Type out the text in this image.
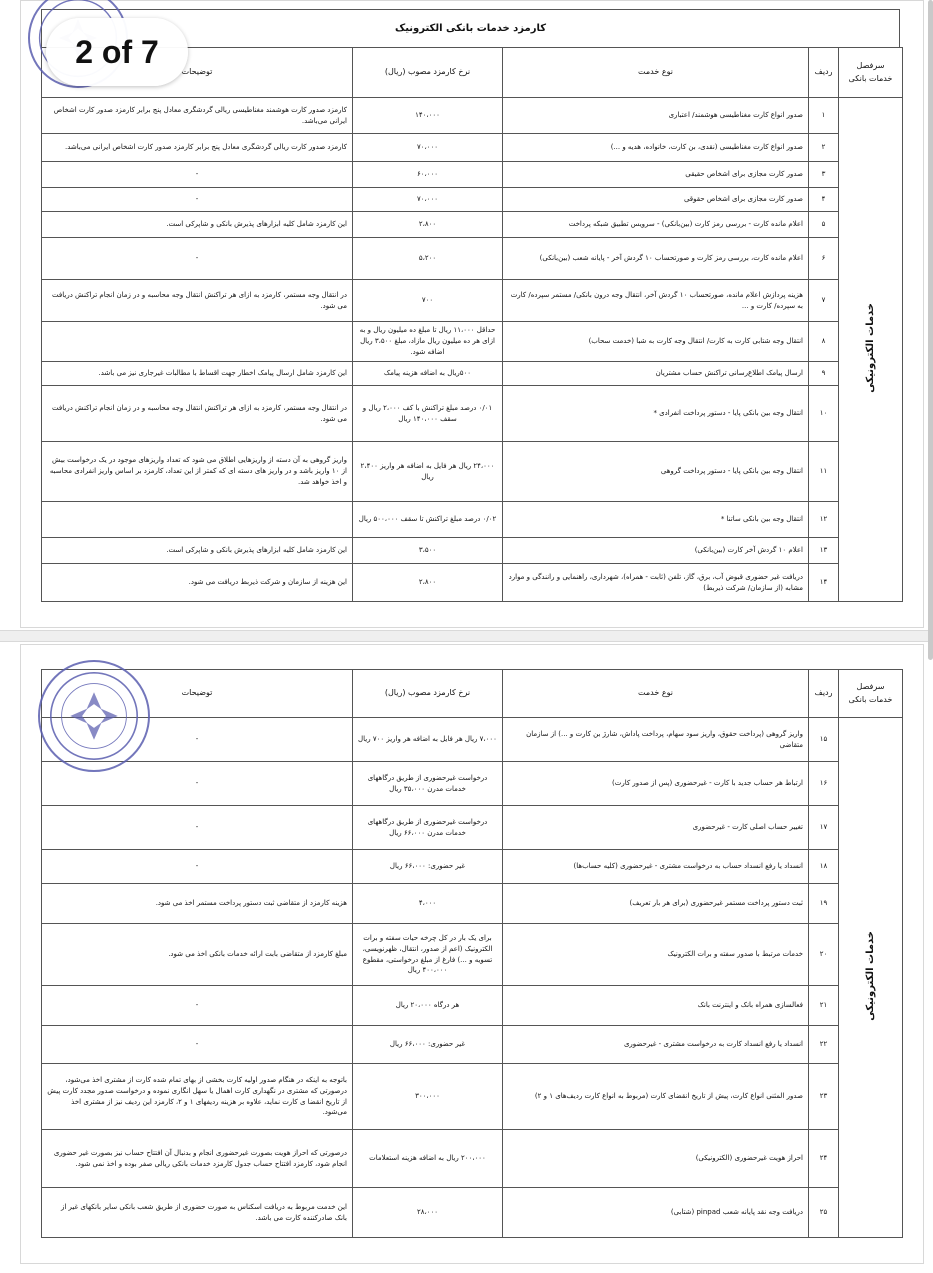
کارمزد خدمات بانکی الکترونیک
سرفصل خدمات بانکی	ردیف	نوع خدمت	نرخ کارمزد مصوب (ریال)	توضیحات
خدمات الکترونیکی	۱	صدور انواع کارت مغناطیسی هوشمند/ اعتباری	۱۴۰،۰۰۰	کارمزد صدور کارت هوشمند مغناطیسی ریالی گردشگری معادل پنج برابر کارمزد صدور کارت اشخاص ایرانی می‌باشد.
	۲	صدور انواع کارت مغناطیسی (نقدی، بن کارت، خانواده، هدیه و ...)	۷۰،۰۰۰	کارمزد صدور کارت ریالی گردشگری معادل پنج برابر کارمزد صدور کارت اشخاص ایرانی می‌باشد.
	۳	صدور کارت مجازی برای اشخاص حقیقی	۶۰،۰۰۰	-
	۴	صدور کارت مجازی برای اشخاص حقوقی	۷۰،۰۰۰	-
	۵	اعلام مانده کارت - بررسی رمز کارت (بین‌بانکی) - سرویس تطبیق شبکه پرداخت	۲،۸۰۰	این کارمزد شامل کلیه ابزارهای پذیرش بانکی و شاپرکی است.
	۶	اعلام مانده کارت، بررسی رمز کارت و صورتحساب ۱۰ گردش آخر - پایانه شعب (بین‌بانکی)	۵،۲۰۰	-
	۷	هزینه پردازش اعلام مانده، صورتحساب ۱۰ گردش آخر، انتقال وجه درون بانکی/ مستمر سپرده/ کارت به سپرده/ کارت و ...	۷۰۰	در انتقال وجه مستمر، کارمزد به ازای هر تراکنش انتقال وجه محاسبه و در زمان انجام تراکنش دریافت می شود.
	۸	انتقال وجه شتابی کارت به کارت/ انتقال وجه کارت به شبا (خدمت سحاب)	حداقل ۱۱،۰۰۰ ریال تا مبلغ ده میلیون ریال و به ازای هر ده میلیون ریال مازاد، مبلغ ۳،۵۰۰ ریال اضافه شود.	
	۹	ارسال پیامک اطلاع‌رسانی تراکنش حساب مشتریان	۵۰۰ریال به اضافه هزینه پیامک	این کارمزد شامل ارسال پیامک اخطار جهت اقساط با مطالبات غیرجاری نیز می باشد.
	۱۰	انتقال وجه بین بانکی پایا - دستور پرداخت انفرادی *	۰/۰۱ درصد مبلغ تراکنش با کف ۲،۰۰۰ ریال و سقف ۱۴۰،۰۰۰ ریال	در انتقال وجه مستمر، کارمزد به ازای هر تراکنش انتقال وجه محاسبه و در زمان انجام تراکنش دریافت می شود.
	۱۱	انتقال وجه بین بانکی پایا - دستور پرداخت گروهی	۲۴،۰۰۰ ریال هر فایل به اضافه هر واریز ۲،۴۰۰ ریال	واریز گروهی به آن دسته از واریزهایی اطلاق می شود که تعداد واریزهای موجود در یک درخواست بیش از ۱۰ واریز باشد و در واریز های دسته ای که کمتر از این تعداد، کارمزد بر اساس واریز انفرادی محاسبه و اخذ خواهد شد.
	۱۲	انتقال وجه بین بانکی ساتنا *	۰/۰۲ درصد مبلغ تراکنش تا سقف ۵۰۰،۰۰۰ ریال	
	۱۳	اعلام ۱۰ گردش آخر کارت (بین‌بانکی)	۳،۵۰۰	این کارمزد شامل کلیه ابزارهای پذیرش بانکی و شاپرکی است.
	۱۴	دریافت غیر حضوری قبوض آب، برق، گاز، تلفن (ثابت - همراه)، شهرداری، راهنمایی و رانندگی و موارد مشابه (از سازمان/ شرکت ذیربط)	۲،۸۰۰	این هزینه از سازمان و شرکت ذیربط دریافت می شود.
سرفصل خدمات بانکی	ردیف	نوع خدمت	نرخ کارمزد مصوب (ریال)	توضیحات
خدمات الکترونیکی	۱۵	واریز گروهی (پرداخت حقوق، واریز سود سهام، پرداخت پاداش، شارژ بن کارت و ...) از سازمان متقاضی	۷،۰۰۰ ریال هر فایل به اضافه هر واریز ۷۰۰ ریال	-
	۱۶	ارتباط هر حساب جدید با کارت - غیرحضوری (پس از صدور کارت)	درخواست غیرحضوری از طریق درگاههای خدمات مدرن ۳۵،۰۰۰ ریال	-
	۱۷	تغییر حساب اصلی کارت - غیرحضوری	درخواست غیرحضوری از طریق درگاههای خدمات مدرن ۶۶،۰۰۰ ریال	-
	۱۸	انسداد یا رفع انسداد حساب به درخواست مشتری - غیرحضوری (کلیه حساب‌ها)	غیر حضوری: ۶۶،۰۰۰ ریال	-
	۱۹	ثبت دستور پرداخت مستمر غیرحضوری (برای هر بار تعریف)	۴،۰۰۰	هزینه کارمزد از متقاضی ثبت دستور پرداخت مستمر اخذ می شود.
	۲۰	خدمات مرتبط با صدور سفته و برات الکترونیک	برای یک بار در کل چرخه حیات سفته و برات الکترونیک (اعم از صدور، انتقال، ظهرنویسی، تسویه و ...) فارغ از مبلغ درخواستی، مقطوع ۴۰۰،۰۰۰ ریال	مبلغ کارمزد از متقاضی بابت ارائه خدمات بانکی اخذ می شود.
	۲۱	فعالسازی همراه بانک و اینترنت بانک	هر درگاه ۲۰،۰۰۰ ریال	-
	۲۲	انسداد یا رفع انسداد کارت به درخواست مشتری - غیرحضوری	غیر حضوری: ۶۶،۰۰۰ ریال	-
	۲۳	صدور المثنی انواع کارت، پیش از تاریخ انقضای کارت (مربوط به انواع کارت ردیف‌های ۱ و ۲)	۳۰۰،۰۰۰	باتوجه به اینکه در هنگام صدور اولیه کارت بخشی از بهای تمام شده کارت از مشتری اخذ می‌شود، درصورتی که مشتری در نگهداری کارت اهمال یا سهل انگاری نموده و درخواست صدور مجدد کارت پیش از تاریخ انقضا ی کارت نماید، علاوه بر هزینه ردیفهای ۱ و ۲، کارمزد این ردیف نیز از مشتری اخذ می‌شود.
	۲۴	احراز هویت غیرحضوری (الکترونیکی)	۲۰۰،۰۰۰ ریال به اضافه هزینه استعلامات	درصورتی که احراز هویت بصورت غیرحضوری انجام و بدنبال آن افتتاح حساب نیز بصورت غیر حضوری انجام شود، کارمزد افتتاح حساب جدول کارمزد خدمات بانکی ریالی صفر بوده و اخذ نمی شود.
	۲۵	دریافت وجه نقد پایانه شعب pinpad (شتابی)	۲۸،۰۰۰	این خدمت مربوط به دریافت اسکناس به صورت حضوری از طریق شعب بانکی سایر بانکهای غیر از بانک صادرکننده کارت می باشد.
2 of 7
